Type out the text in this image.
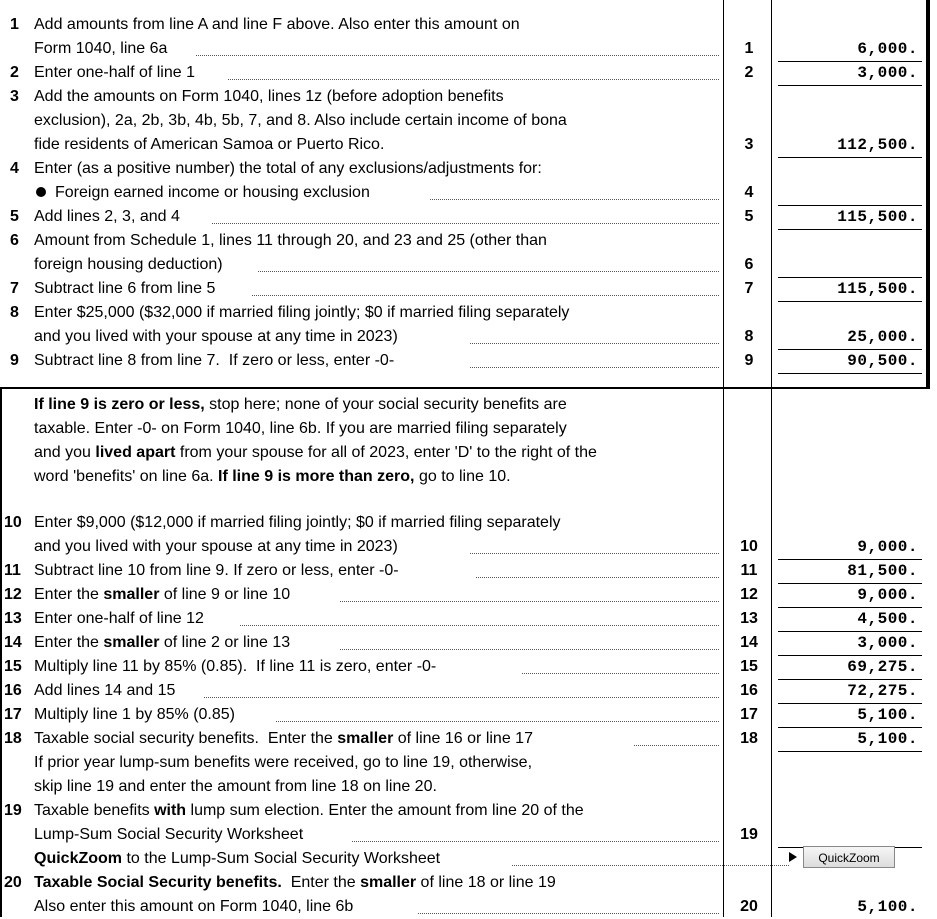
1 Add amounts from line A and line F above. Also enter this amount on
Form 1040, line 6a	1	6,000.
2 Enter one-half of line 1	2	3,000.
3 Add the amounts on Form 1040, lines 1z (before adoption benefits
exclusion), 2a, 2b, 3b, 4b, 5b, 7, and 8. Also include certain income of bona
fide residents of American Samoa or Puerto Rico.	3	112,500.
4 Enter (as a positive number) the total of any exclusions/adjustments for:
Foreign earned income or housing exclusion	4
5 Add lines 2, 3, and 4	5	115,500.
6 Amount from Schedule 1, lines 11 through 20, and 23 and 25 (other than
foreign housing deduction)	6
7 Subtract line 6 from line 5	7	115,500.
8 Enter $25,000 ($32,000 if married filing jointly; $0 if married filing separately
and you lived with your spouse at any time in 2023)	8	25,000.
9 Subtract line 8 from line 7.  If zero or less, enter -0-	9	90,500.
If line 9 is zero or less, stop here; none of your social security benefits are
taxable. Enter -0- on Form 1040, line 6b. If you are married filing separately
and you lived apart from your spouse for all of 2023, enter 'D' to the right of the
word 'benefits' on line 6a. If line 9 is more than zero, go to line 10.
10 Enter $9,000 ($12,000 if married filing jointly; $0 if married filing separately
and you lived with your spouse at any time in 2023)	10	9,000.
11 Subtract line 10 from line 9. If zero or less, enter -0-	11	81,500.
12 Enter the smaller of line 9 or line 10	12	9,000.
13 Enter one-half of line 12	13	4,500.
14 Enter the smaller of line 2 or line 13	14	3,000.
15 Multiply line 11 by 85% (0.85).  If line 11 is zero, enter -0-	15	69,275.
16 Add lines 14 and 15	16	72,275.
17 Multiply line 1 by 85% (0.85)	17	5,100.
18 Taxable social security benefits.  Enter the smaller of line 16 or line 17
If prior year lump-sum benefits were received, go to line 19, otherwise,
skip line 19 and enter the amount from line 18 on line 20.
18	5,100.
19 Taxable benefits with lump sum election. Enter the amount from line 20 of the
Lump-Sum Social Security Worksheet	19
QuickZoom to the Lump-Sum Social Security Worksheet	QuickZoom
20 Taxable Social Security benefits.  Enter the smaller of line 18 or line 19
Also enter this amount on Form 1040, line 6b	20	5,100.
